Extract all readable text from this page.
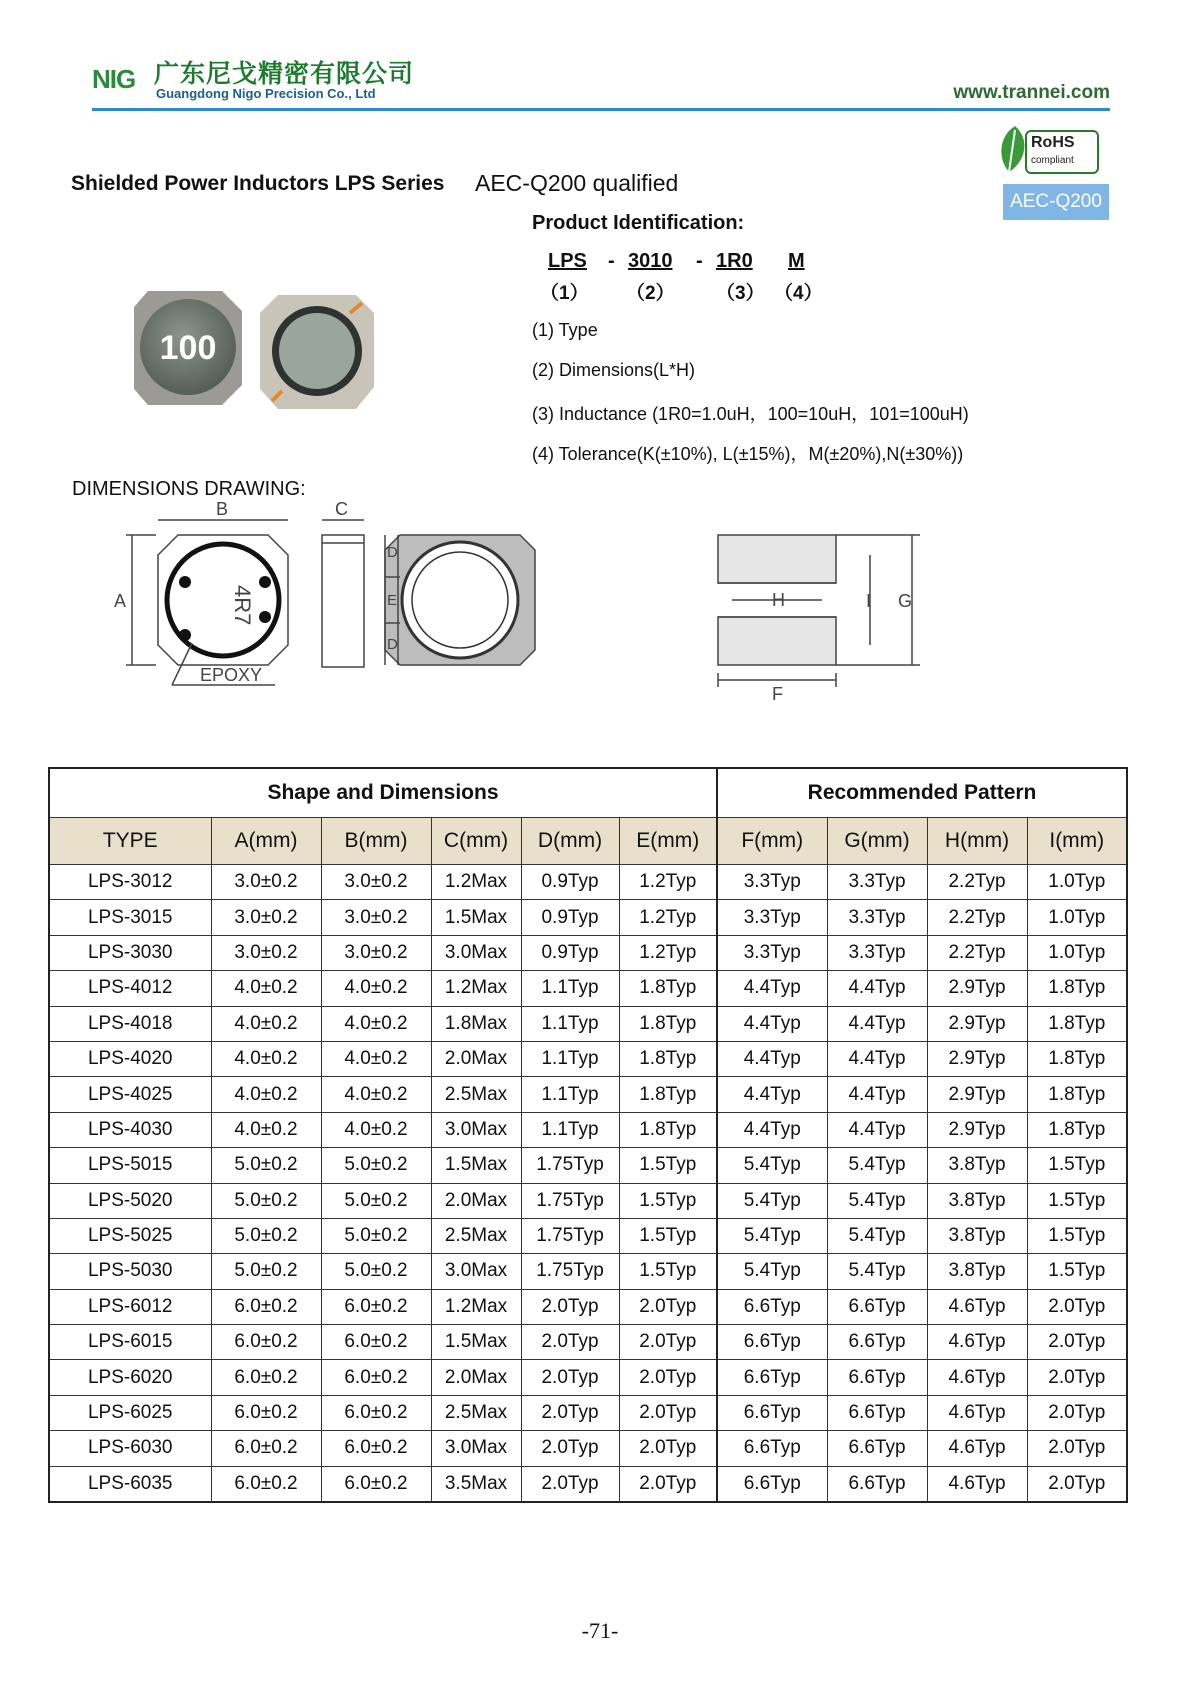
NIG 广东尼戈精密有限公司
Guangdong Nigo Precision Co., Ltd	www.trannei.com
RoHS
compliant
AEC-Q200
Shielded Power Inductors LPS Series AEC-Q200 qualified
Product Identification:
LPS - 3010 - 1R0 M
（1） （2） （3） （4）
(1) Type
(2) Dimensions(L*H)
(3) Inductance (1R0=1.0uH，100=10uH，101=100uH)
(4) Tolerance(K(±10%), L(±15%)，M(±20%),N(±30%))
100
DIMENSIONS DRAWING:
4R7
A
B
EPOXY
C
D
E
D
F
H	I G
Shape and Dimensions						Recommended Pattern			
TYPE	A(mm)	B(mm)	C(mm)	D(mm)	E(mm)	F(mm)	G(mm)	H(mm)	I(mm)
LPS-3012	3.0±0.2	3.0±0.2	1.2Max	0.9Typ	1.2Typ	3.3Typ	3.3Typ	2.2Typ	1.0Typ
LPS-3015	3.0±0.2	3.0±0.2	1.5Max	0.9Typ	1.2Typ	3.3Typ	3.3Typ	2.2Typ	1.0Typ
LPS-3030	3.0±0.2	3.0±0.2	3.0Max	0.9Typ	1.2Typ	3.3Typ	3.3Typ	2.2Typ	1.0Typ
LPS-4012	4.0±0.2	4.0±0.2	1.2Max	1.1Typ	1.8Typ	4.4Typ	4.4Typ	2.9Typ	1.8Typ
LPS-4018	4.0±0.2	4.0±0.2	1.8Max	1.1Typ	1.8Typ	4.4Typ	4.4Typ	2.9Typ	1.8Typ
LPS-4020	4.0±0.2	4.0±0.2	2.0Max	1.1Typ	1.8Typ	4.4Typ	4.4Typ	2.9Typ	1.8Typ
LPS-4025	4.0±0.2	4.0±0.2	2.5Max	1.1Typ	1.8Typ	4.4Typ	4.4Typ	2.9Typ	1.8Typ
LPS-4030	4.0±0.2	4.0±0.2	3.0Max	1.1Typ	1.8Typ	4.4Typ	4.4Typ	2.9Typ	1.8Typ
LPS-5015	5.0±0.2	5.0±0.2	1.5Max	1.75Typ	1.5Typ	5.4Typ	5.4Typ	3.8Typ	1.5Typ
LPS-5020	5.0±0.2	5.0±0.2	2.0Max	1.75Typ	1.5Typ	5.4Typ	5.4Typ	3.8Typ	1.5Typ
LPS-5025	5.0±0.2	5.0±0.2	2.5Max	1.75Typ	1.5Typ	5.4Typ	5.4Typ	3.8Typ	1.5Typ
LPS-5030	5.0±0.2	5.0±0.2	3.0Max	1.75Typ	1.5Typ	5.4Typ	5.4Typ	3.8Typ	1.5Typ
LPS-6012	6.0±0.2	6.0±0.2	1.2Max	2.0Typ	2.0Typ	6.6Typ	6.6Typ	4.6Typ	2.0Typ
LPS-6015	6.0±0.2	6.0±0.2	1.5Max	2.0Typ	2.0Typ	6.6Typ	6.6Typ	4.6Typ	2.0Typ
LPS-6020	6.0±0.2	6.0±0.2	2.0Max	2.0Typ	2.0Typ	6.6Typ	6.6Typ	4.6Typ	2.0Typ
LPS-6025	6.0±0.2	6.0±0.2	2.5Max	2.0Typ	2.0Typ	6.6Typ	6.6Typ	4.6Typ	2.0Typ
LPS-6030	6.0±0.2	6.0±0.2	3.0Max	2.0Typ	2.0Typ	6.6Typ	6.6Typ	4.6Typ	2.0Typ
LPS-6035	6.0±0.2	6.0±0.2	3.5Max	2.0Typ	2.0Typ	6.6Typ	6.6Typ	4.6Typ	2.0Typ
-71-
